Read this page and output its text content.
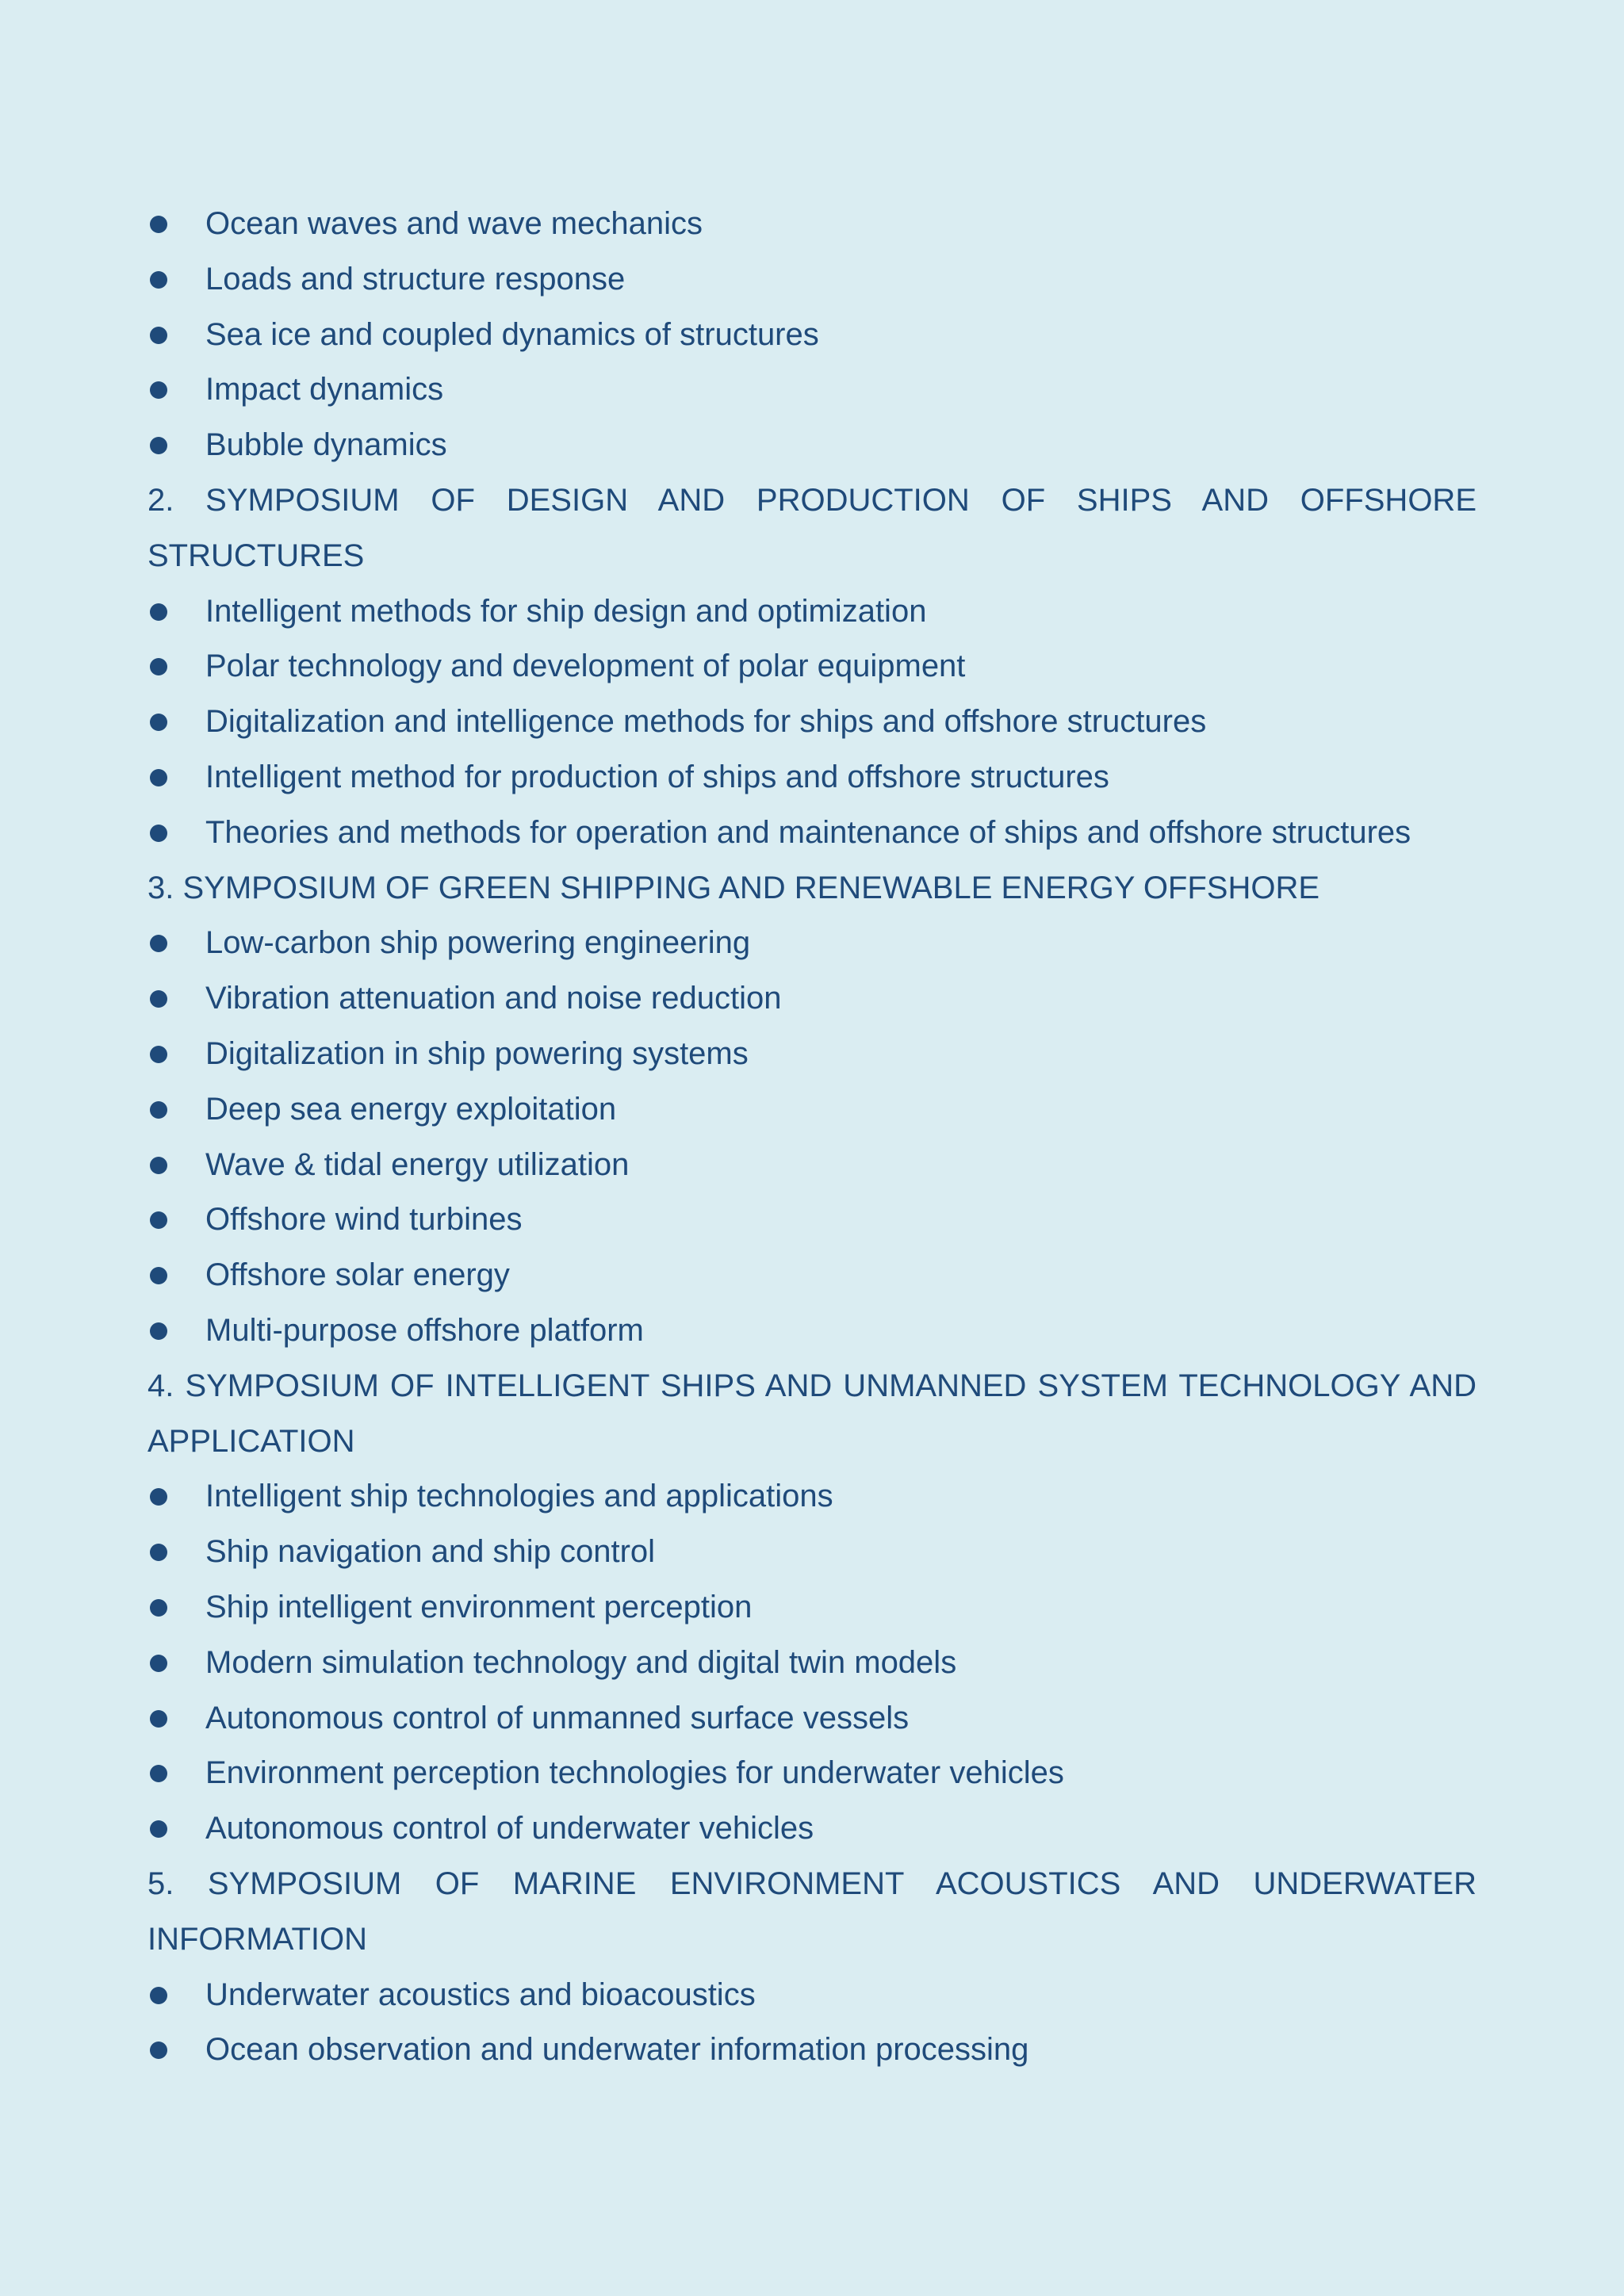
Ocean waves and wave mechanics
Loads and structure response
Sea ice and coupled dynamics of structures
Impact dynamics
Bubble dynamics
2. SYMPOSIUM OF DESIGN AND PRODUCTION OF SHIPS AND OFFSHORE STRUCTURES
Intelligent methods for ship design and optimization
Polar technology and development of polar equipment
Digitalization and intelligence methods for ships and offshore structures
Intelligent method for production of ships and offshore structures
Theories and methods for operation and maintenance of ships and offshore structures
3. SYMPOSIUM OF GREEN SHIPPING AND RENEWABLE ENERGY OFFSHORE
Low-carbon ship powering engineering
Vibration attenuation and noise reduction
Digitalization in ship powering systems
Deep sea energy exploitation
Wave & tidal energy utilization
Offshore wind turbines
Offshore solar energy
Multi-purpose offshore platform
4. SYMPOSIUM OF INTELLIGENT SHIPS AND UNMANNED SYSTEM TECHNOLOGY AND APPLICATION
Intelligent ship technologies and applications
Ship navigation and ship control
Ship intelligent environment perception
Modern simulation technology and digital twin models
Autonomous control of unmanned surface vessels
Environment perception technologies for underwater vehicles
Autonomous control of underwater vehicles
5. SYMPOSIUM OF MARINE ENVIRONMENT ACOUSTICS AND UNDERWATER INFORMATION
Underwater acoustics and bioacoustics
Ocean observation and underwater information processing
